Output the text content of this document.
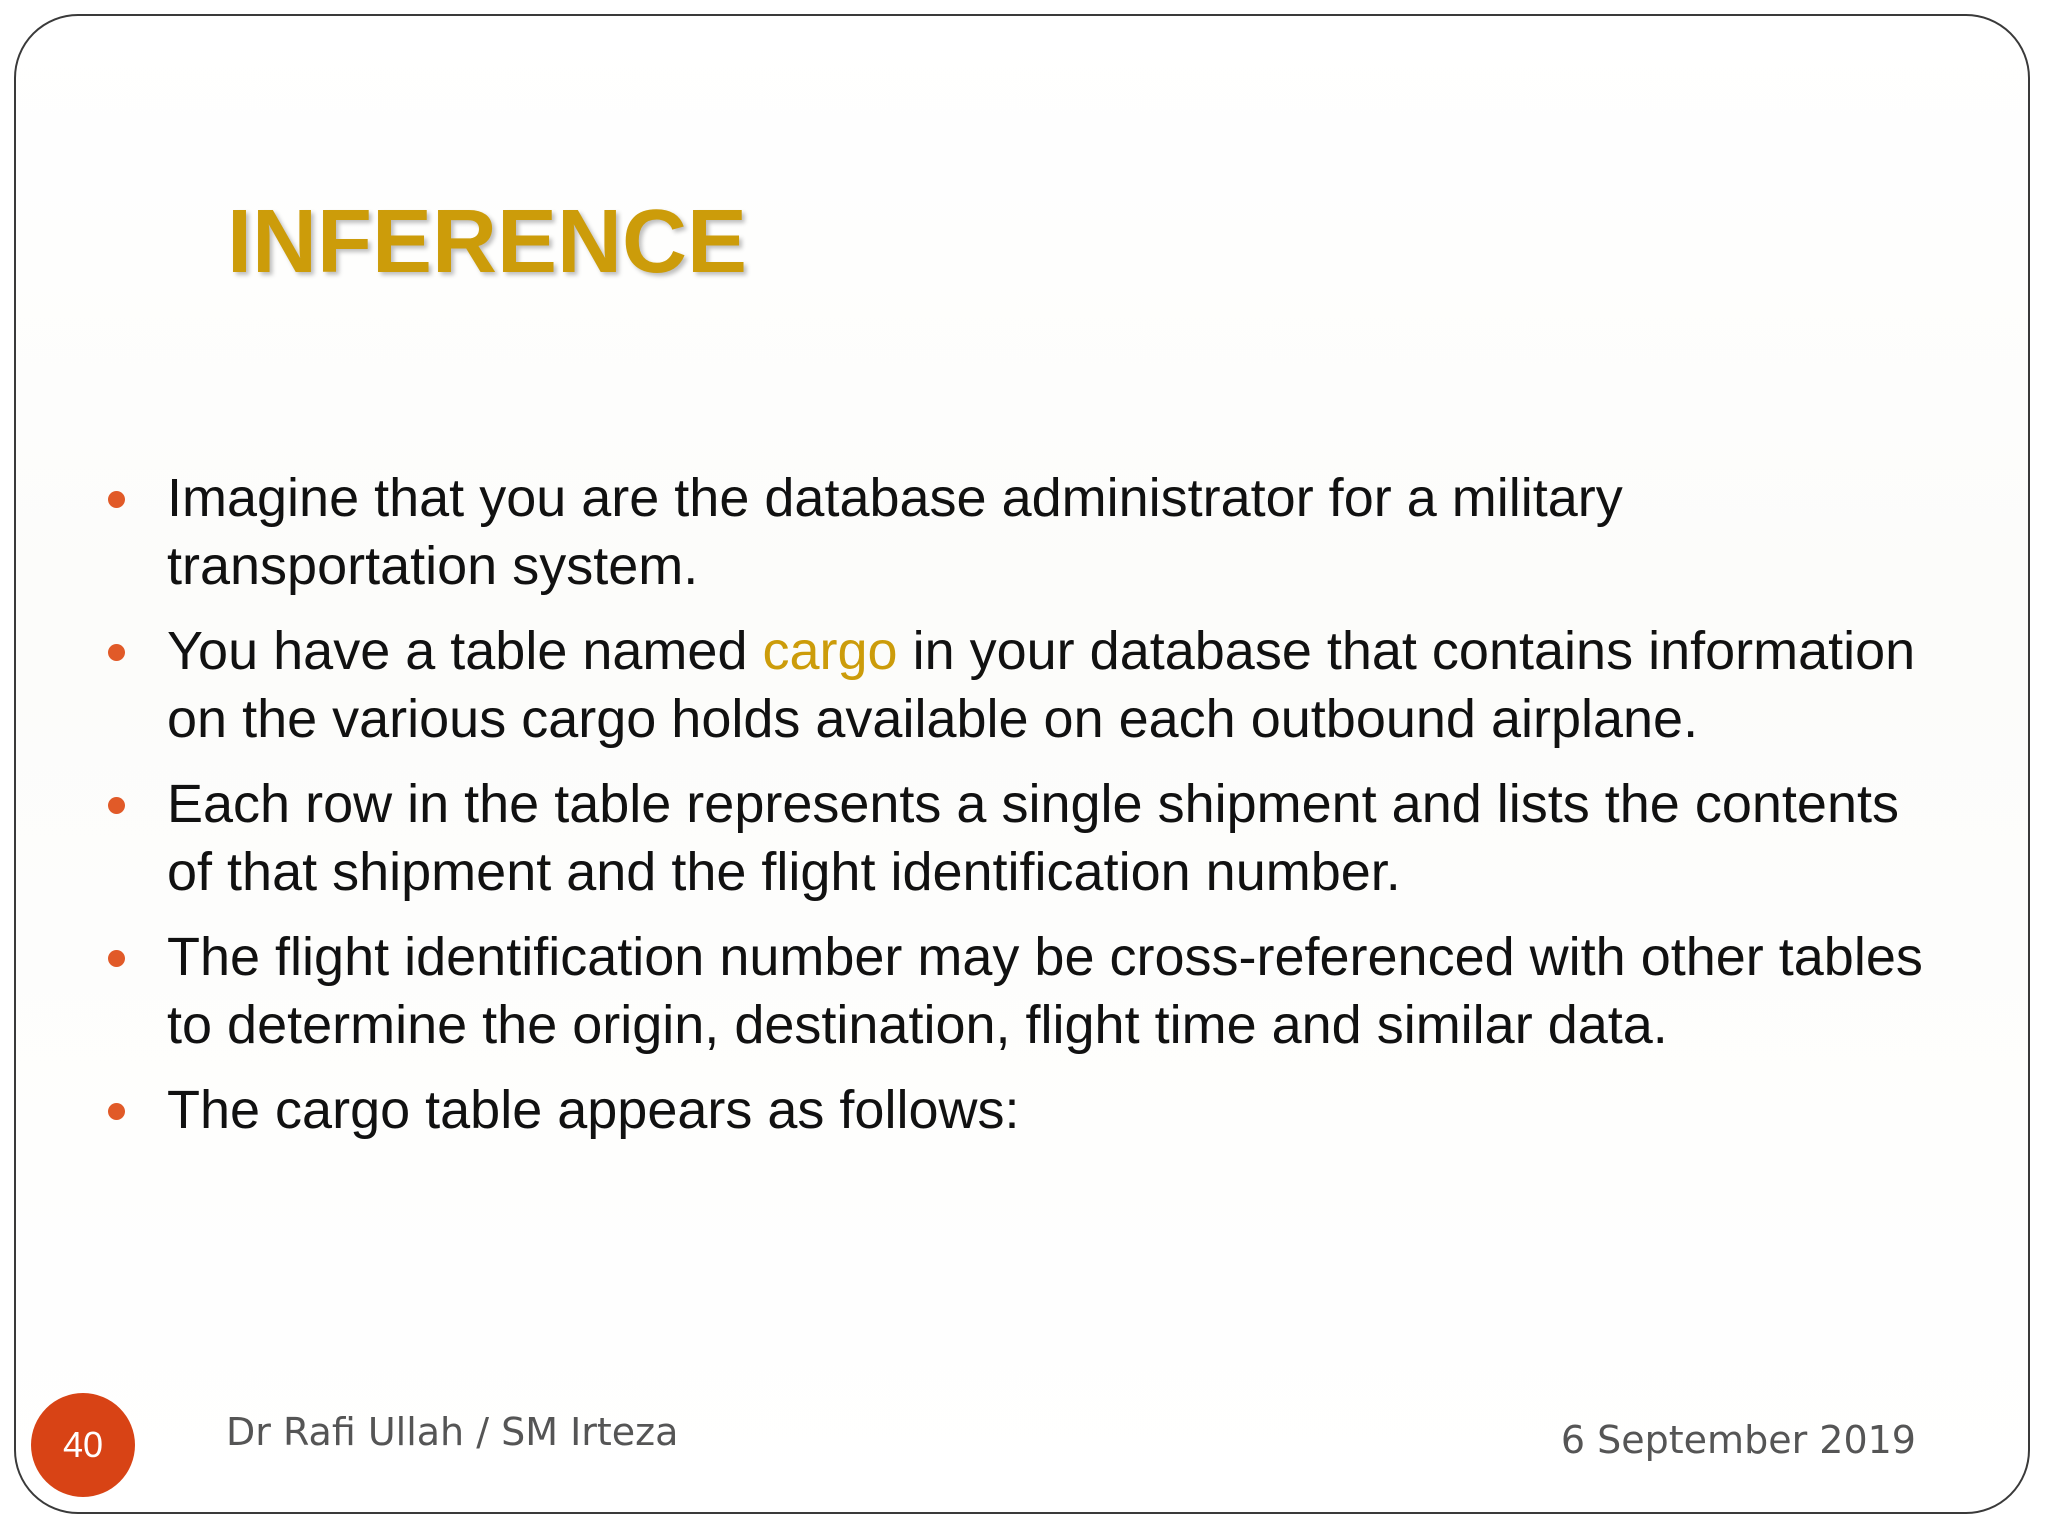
INFERENCE
Imagine that you are the database administrator for a military transportation system.
You have a table named cargo in your database that contains information on the various cargo holds available on each outbound airplane.
Each row in the table represents a single shipment and lists the contents of that shipment and the flight identification number.
The flight identification number may be cross-referenced with other tables to determine the origin, destination, flight time and similar data.
The cargo table appears as follows:
40	Dr Rafi Ullah / SM Irteza	6 September 2019
